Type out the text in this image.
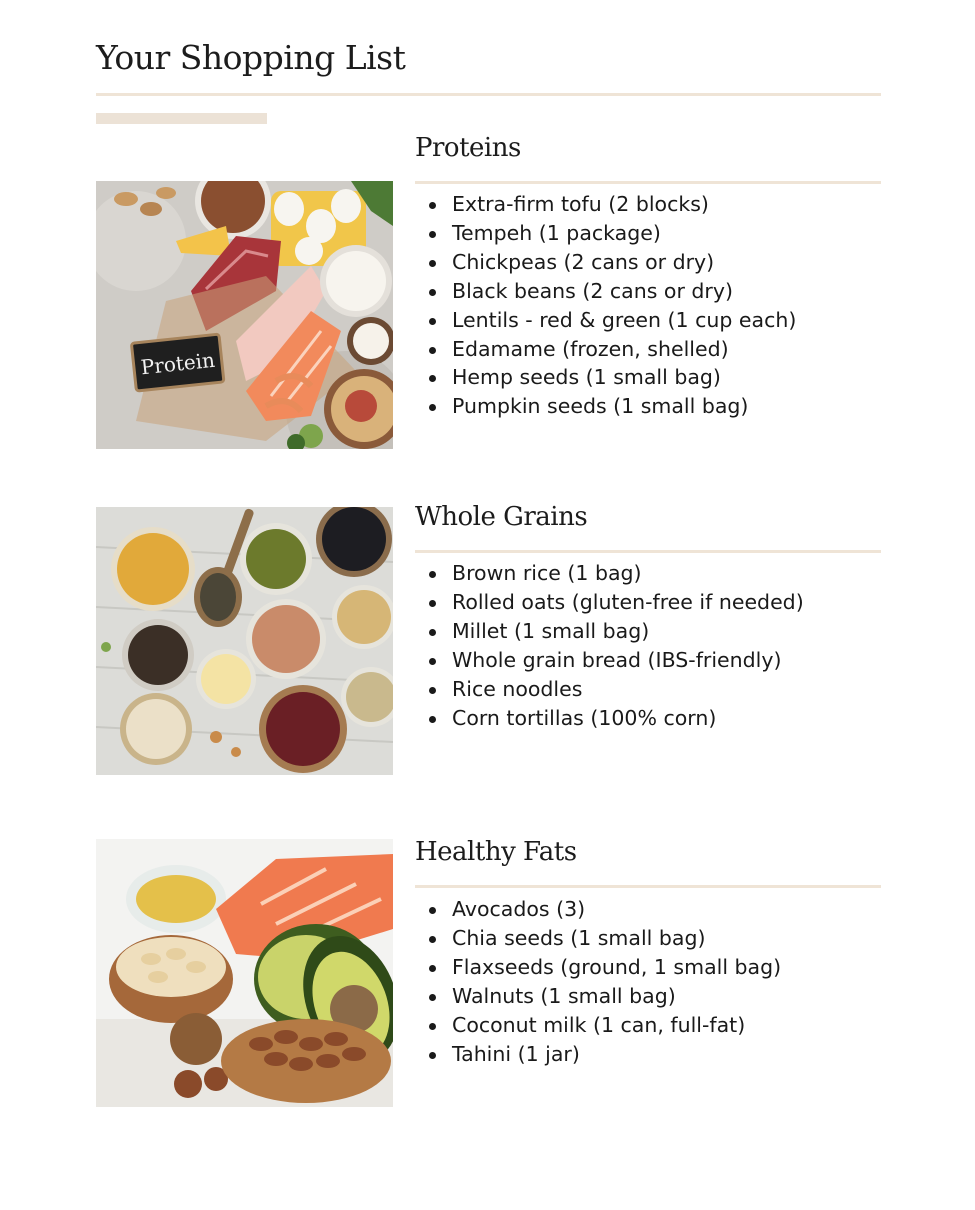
Your Shopping List
Protein
Proteins
Extra-firm tofu (2 blocks)
Tempeh (1 package)
Chickpeas (2 cans or dry)
Black beans (2 cans or dry)
Lentils - red & green (1 cup each)
Edamame (frozen, shelled)
Hemp seeds (1 small bag)
Pumpkin seeds (1 small bag)
Whole Grains
Brown rice (1 bag)
Rolled oats (gluten-free if needed)
Millet (1 small bag)
Whole grain bread (IBS-friendly)
Rice noodles
Corn tortillas (100% corn)
Healthy Fats
Avocados (3)
Chia seeds (1 small bag)
Flaxseeds (ground, 1 small bag)
Walnuts (1 small bag)
Coconut milk (1 can, full-fat)
Tahini (1 jar)
